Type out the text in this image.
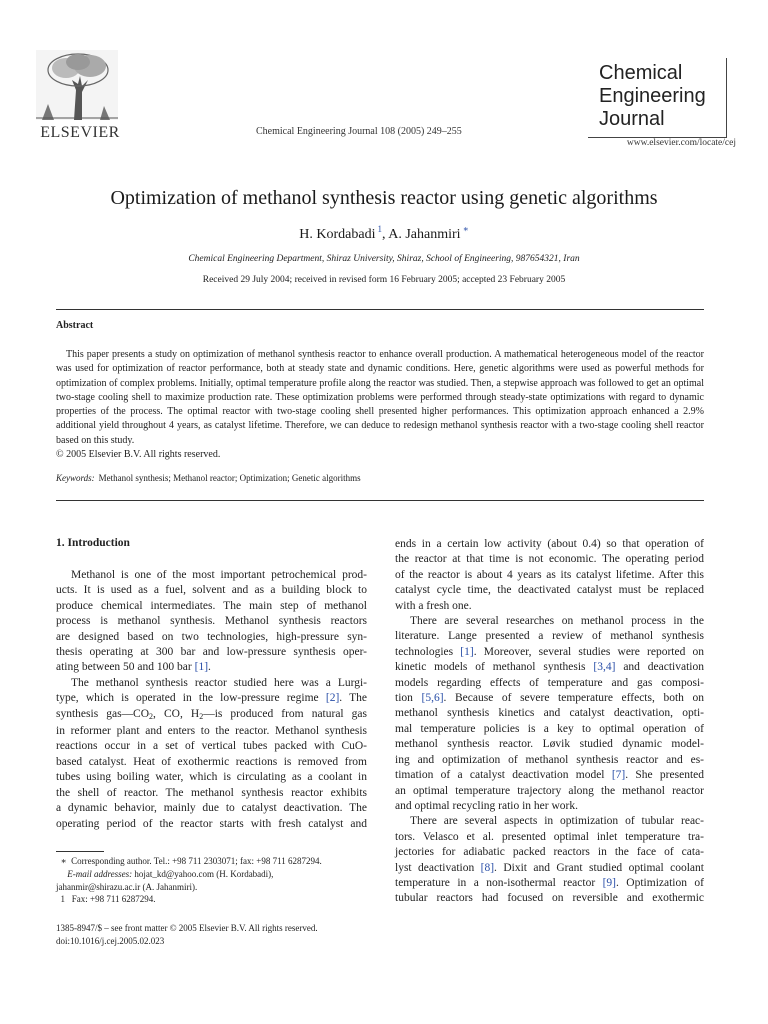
ELSEVIER	Chemical Engineering Journal 108 (2005) 249–255
Chemical
Engineering
Journal
www.elsevier.com/locate/cej
Optimization of methanol synthesis reactor using genetic algorithms
H. Kordabadi $^1$, A. Jahanmiri ∗
Chemical Engineering Department, Shiraz University, Shiraz, School of Engineering, 987654321, Iran
Received 29 July 2004; received in revised form 16 February 2005; accepted 23 February 2005
Abstract

This paper presents a study on optimization of methanol synthesis reactor to enhance overall production. A mathematical heterogeneous model of the reactor was used for optimization of reactor performance, both at steady state and dynamic conditions. Here, genetic algorithms were used as powerful methods for optimization of complex problems. Initially, optimal temperature profile along the reactor was studied. Then, a stepwise approach was followed to get an optimal two-stage cooling shell to maximize production rate. These optimization problems were performed through steady-state optimizations with regard to dynamic properties of the process. The optimal reactor with two-stage cooling shell presented higher performances. This optimization approach enhanced a 2.9% additional yield throughout 4 years, as catalyst lifetime. Therefore, we can deduce to redesign methanol synthesis reactor with a two-stage cooling shell reactor based on this study.

© 2005 Elsevier B.V. All rights reserved.

Keywords: Methanol synthesis; Methanol reactor; Optimization; Genetic algorithms
1. Introduction
Methanol is one of the most important petrochemical prod-
ucts. It is used as a fuel, solvent and as a building block to
produce chemical intermediates. The main step of methanol
process is methanol synthesis. Methanol synthesis reactors
are designed based on two technologies, high-pressure syn-
thesis operating at 300 bar and low-pressure synthesis oper-
ating between 50 and 100 bar [1].
The methanol synthesis reactor studied here was a Lurgi-
type, which is operated in the low-pressure regime [2]. The
synthesis gas—CO2, CO, H2—is produced from natural gas
in reformer plant and enters to the reactor. Methanol synthesis
reactions occur in a set of vertical tubes packed with CuO-
based catalyst. Heat of exothermic reactions is removed from
tubes using boiling water, which is circulating as a coolant in
the shell of reactor. The methanol synthesis reactor exhibits
a dynamic behavior, mainly due to catalyst deactivation. The
operating period of the reactor starts with fresh catalyst and
ends in a certain low activity (about 0.4) so that operation of
the reactor at that time is not economic. The operating period
of the reactor is about 4 years as its catalyst lifetime. After this
catalyst cycle time, the deactivated catalyst must be replaced
with a fresh one.
There are several researches on methanol process in the
literature. Lange presented a review of methanol synthesis
technologies [1]. Moreover, several studies were reported on
kinetic models of methanol synthesis [3,4] and deactivation
models regarding effects of temperature and gas composi-
tion [5,6]. Because of severe temperature effects, both on
methanol synthesis kinetics and catalyst deactivation, opti-
mal temperature policies is a key to optimal operation of
methanol synthesis reactor. Løvik studied dynamic model-
ing and optimization of methanol synthesis reactor and es-
timation of a catalyst deactivation model [7]. She presented
an optimal temperature trajectory along the methanol reactor
and optimal recycling ratio in her work.
There are several aspects in optimization of tubular reac-
tors. Velasco et al. presented optimal inlet temperature tra-
jectories for adiabatic packed reactors in the face of cata-
lyst deactivation [8]. Dixit and Grant studied optimal coolant
temperature in a non-isothermal reactor [9]. Optimization of
tubular reactors had focused on reversible and exothermic
∗ Corresponding author. Tel.: +98 711 2303071; fax: +98 711 6287294.
E-mail addresses: hojat_kd@yahoo.com (H. Kordabadi),
jahanmir@shirazu.ac.ir (A. Jahanmiri).
1 Fax: +98 711 6287294.
1385-8947/$ – see front matter © 2005 Elsevier B.V. All rights reserved.
doi:10.1016/j.cej.2005.02.023
